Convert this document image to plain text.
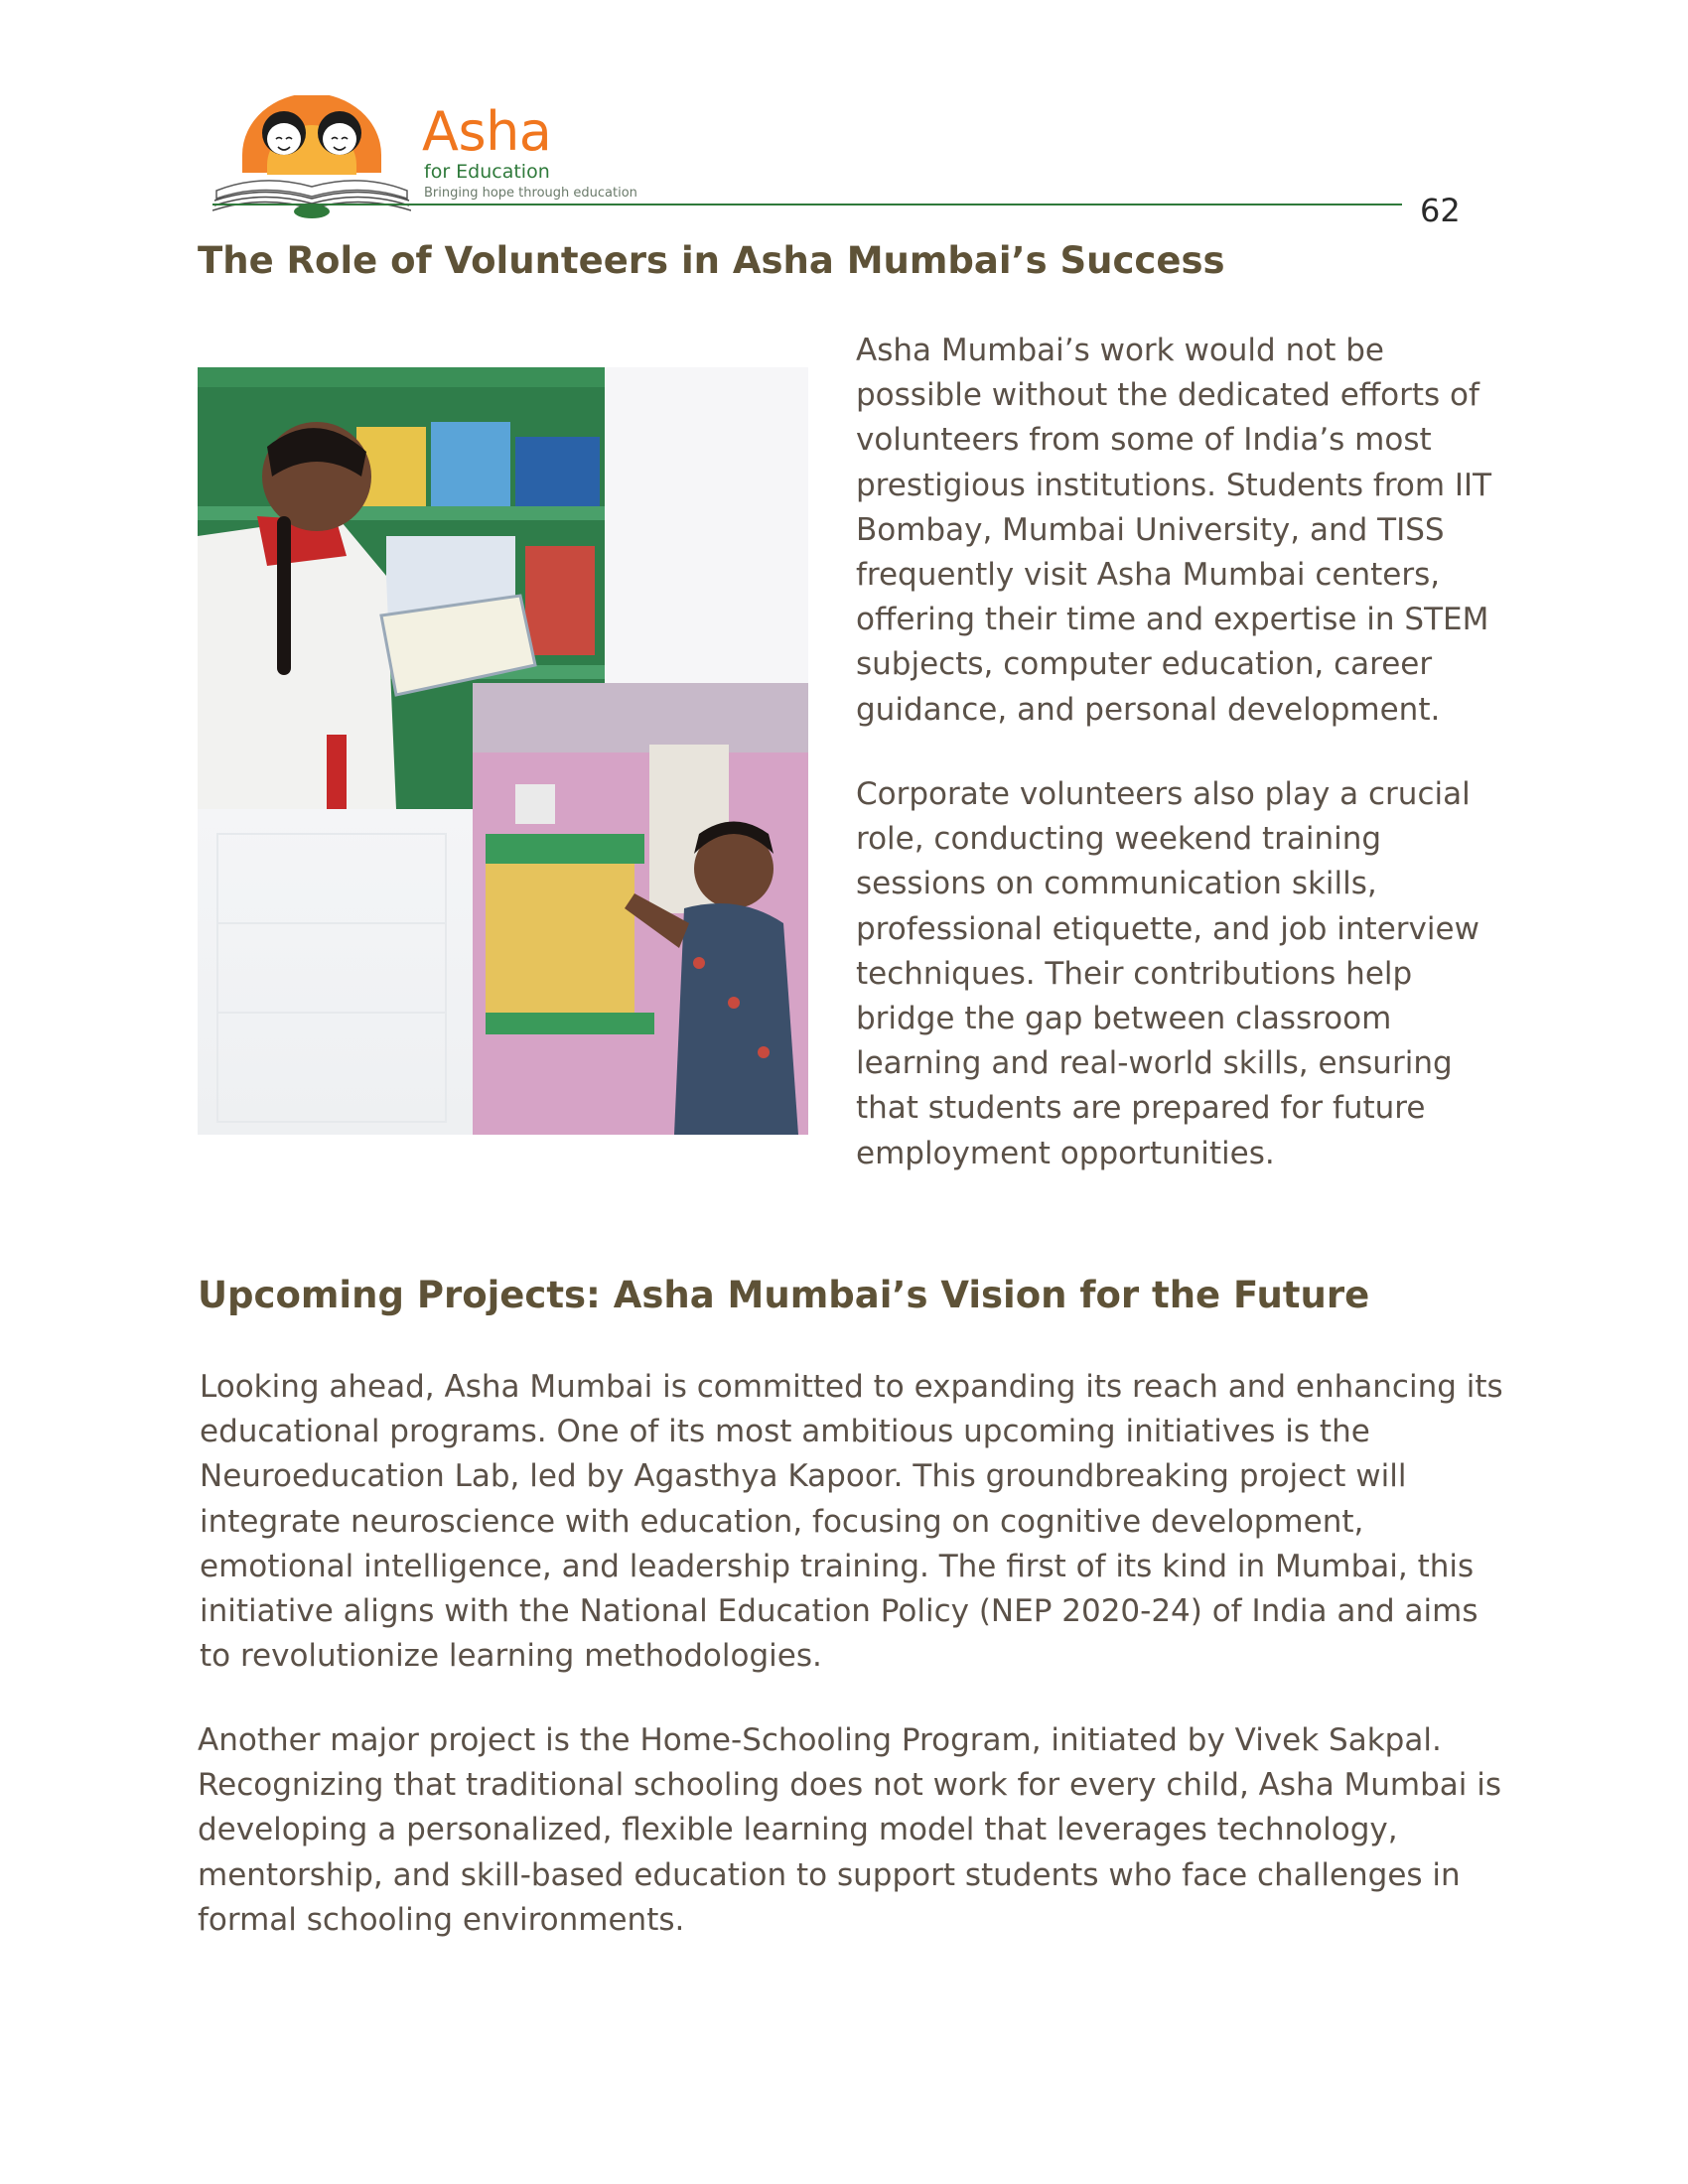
Asha
for Education
Bringing hope through education	62
The Role of Volunteers in Asha Mumbai’s Success

Asha Mumbai’s work would not be possible without the dedicated efforts of volunteers from some of India’s most prestigious institutions. Students from IIT Bombay, Mumbai University, and TISS frequently visit Asha Mumbai centers, offering their time and expertise in STEM subjects, computer education, career guidance, and personal development.

Corporate volunteers also play a crucial role, conducting weekend training sessions on communication skills, professional etiquette, and job interview techniques. Their contributions help bridge the gap between classroom learning and real-world skills, ensuring that students are prepared for future employment opportunities.

Upcoming Projects: Asha Mumbai’s Vision for the Future

Looking ahead, Asha Mumbai is committed to expanding its reach and enhancing its educational programs. One of its most ambitious upcoming initiatives is the Neuroeducation Lab, led by Agasthya Kapoor. This groundbreaking project will integrate neuroscience with education, focusing on cognitive development, emotional intelligence, and leadership training. The first of its kind in Mumbai, this initiative aligns with the National Education Policy (NEP 2020-24) of India and aims to revolutionize learning methodologies.

Another major project is the Home-Schooling Program, initiated by Vivek Sakpal. Recognizing that traditional schooling does not work for every child, Asha Mumbai is developing a personalized, flexible learning model that leverages technology, mentorship, and skill-based education to support students who face challenges in formal schooling environments.
